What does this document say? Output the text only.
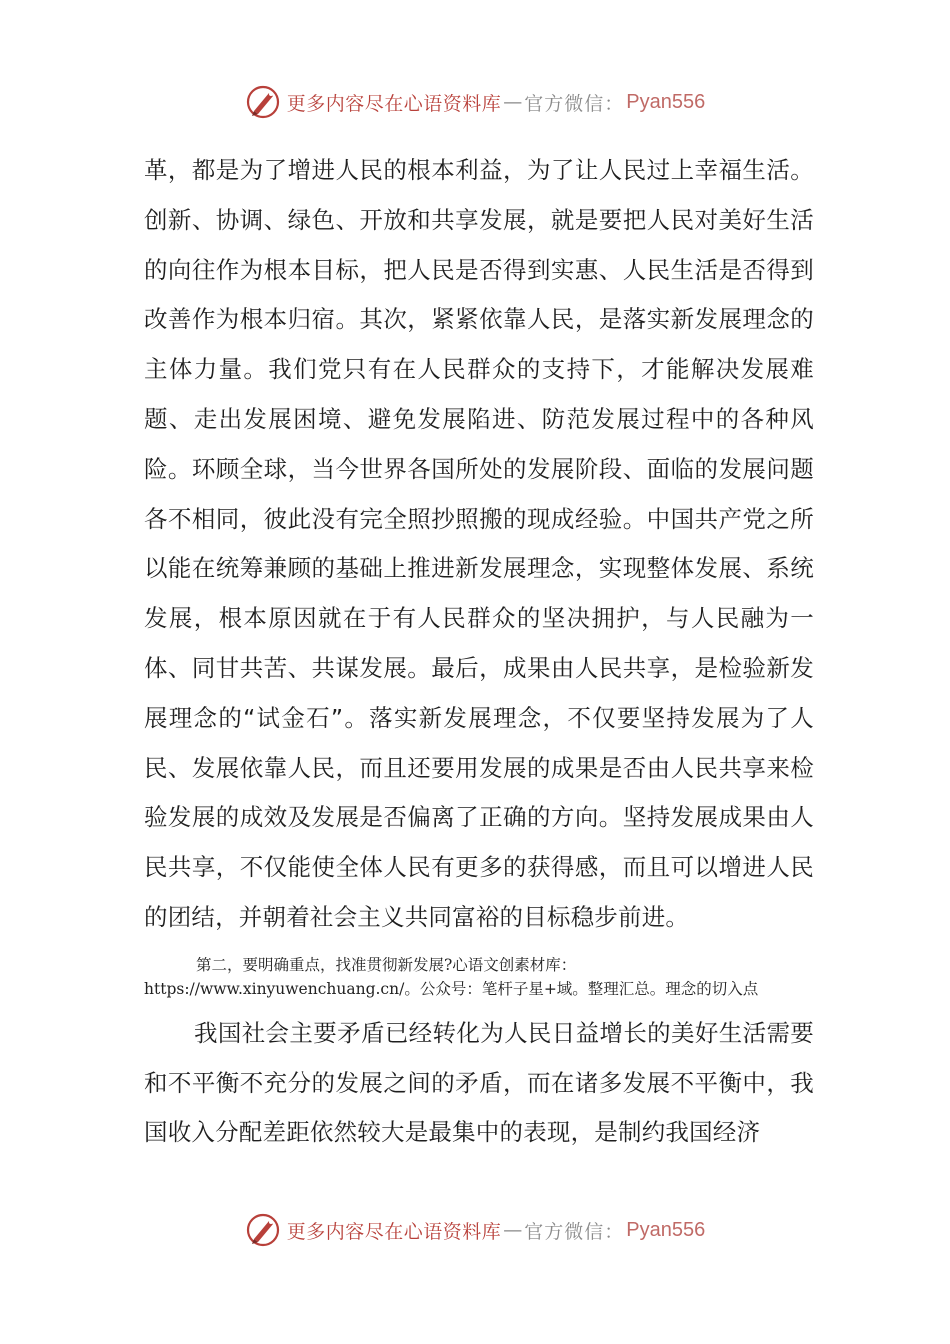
更多内容尽在心语资料库 — 官方微信： Pyan556

革，都是为了增进人民的根本利益，为了让人民过上幸福生活。创新、协调、绿色、开放和共享发展，就是要把人民对美好生活的向往作为根本目标，把人民是否得到实惠、人民生活是否得到改善作为根本归宿。其次，紧紧依靠人民，是落实新发展理念的主体力量。我们党只有在人民群众的支持下，才能解决发展难题、走出发展困境、避免发展陷进、防范发展过程中的各种风险。环顾全球，当今世界各国所处的发展阶段、面临的发展问题各不相同，彼此没有完全照抄照搬的现成经验。中国共产党之所以能在统筹兼顾的基础上推进新发展理念，实现整体发展、系统发展，根本原因就在于有人民群众的坚决拥护，与人民融为一体、同甘共苦、共谋发展。最后，成果由人民共享，是检验新发展理念的“试金石”。落实新发展理念，不仅要坚持发展为了人民、发展依靠人民，而且还要用发展的成果是否由人民共享来检验发展的成效及发展是否偏离了正确的方向。坚持发展成果由人民共享，不仅能使全体人民有更多的获得感，而且可以增进人民的团结，并朝着社会主义共同富裕的目标稳步前进。

第二，要明确重点，找准贯彻新发展?心语文创素材库：https://www.xinyuwenchuang.cn/。公众号：笔杆子星+域。整理汇总。理念的切入点

我国社会主要矛盾已经转化为人民日益增长的美好生活需要和不平衡不充分的发展之间的矛盾，而在诸多发展不平衡中，我国收入分配差距依然较大是最集中的表现，是制约我国经济

更多内容尽在心语资料库 — 官方微信： Pyan556
